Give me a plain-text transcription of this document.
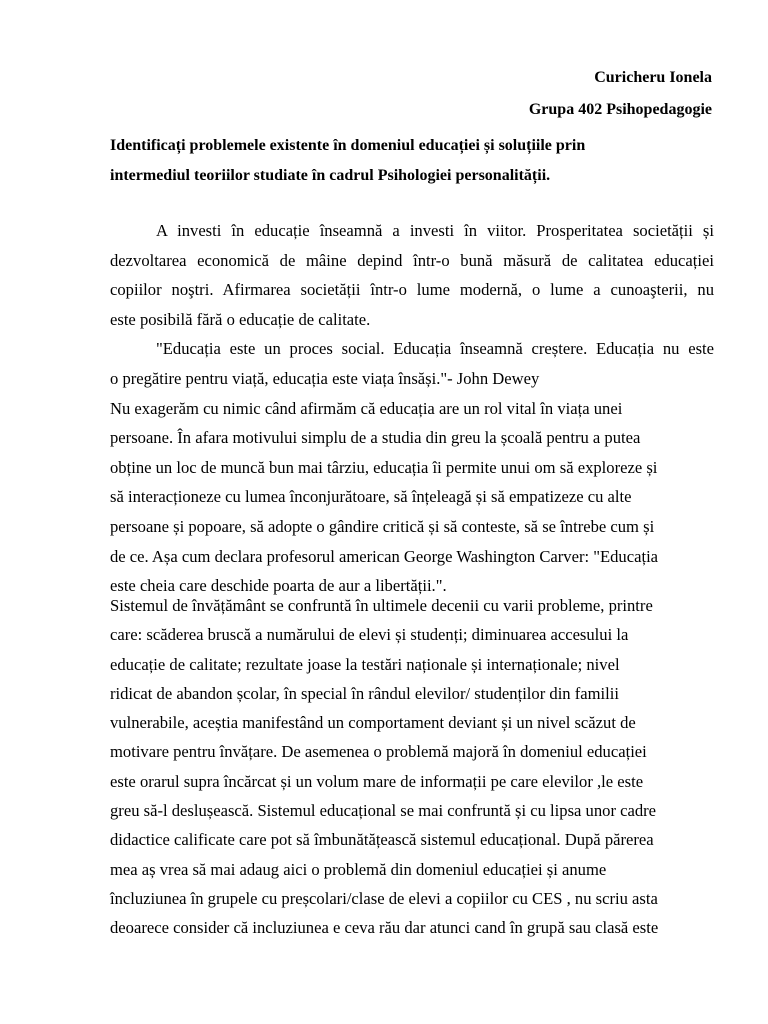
Curicheru Ionela

Grupa 402 Psihopedagogie

Identificați problemele existente în domeniul educației și soluțiile prin
intermediul teoriilor studiate în cadrul Psihologiei personalității.

A investi în educație înseamnă a investi în viitor. Prosperitatea societății și
dezvoltarea economică de mâine depind într-o bună măsură de calitatea educației
copiilor noştri. Afirmarea societății într-o lume modernă, o lume a cunoaşterii, nu
este posibilă fără o educație de calitate.
"Educația este un proces social. Educația înseamnă creștere. Educația nu este
o pregătire pentru viață, educația este viața însăși."- John Dewey
Nu exagerăm cu nimic când afirmăm că educația are un rol vital în viața unei
persoane. În afara motivului simplu de a studia din greu la școală pentru a putea
obține un loc de muncă bun mai târziu, educația îi permite unui om să exploreze și
să interacționeze cu lumea înconjurătoare, să înțeleagă și să empatizeze cu alte
persoane și popoare, să adopte o gândire critică și să conteste, să se întrebe cum și
de ce. Așa cum declara profesorul american George Washington Carver: "Educația
este cheia care deschide poarta de aur a libertății.".
Sistemul de învățământ se confruntă în ultimele decenii cu varii probleme, printre
care: scăderea bruscă a numărului de elevi și studenți; diminuarea accesului la
educație de calitate; rezultate joase la testări naționale și internaționale; nivel
ridicat de abandon școlar, în special în rândul elevilor/ studenților din familii
vulnerabile, aceștia manifestând un comportament deviant și un nivel scăzut de
motivare pentru învățare. De asemenea o problemă majoră în domeniul educației
este orarul supra încărcat și un volum mare de informații pe care elevilor ,le este
greu să-l deslușească. Sistemul educațional se mai confruntă și cu lipsa unor cadre
didactice calificate care pot să îmbunătățească sistemul educațional. După părerea
mea aș vrea să mai adaug aici o problemă din domeniul educației și anume
încluziunea în grupele cu preșcolari/clase de elevi a copiilor cu CES , nu scriu asta
deoarece consider că incluziunea e ceva rău dar atunci cand în grupă sau clasă este
